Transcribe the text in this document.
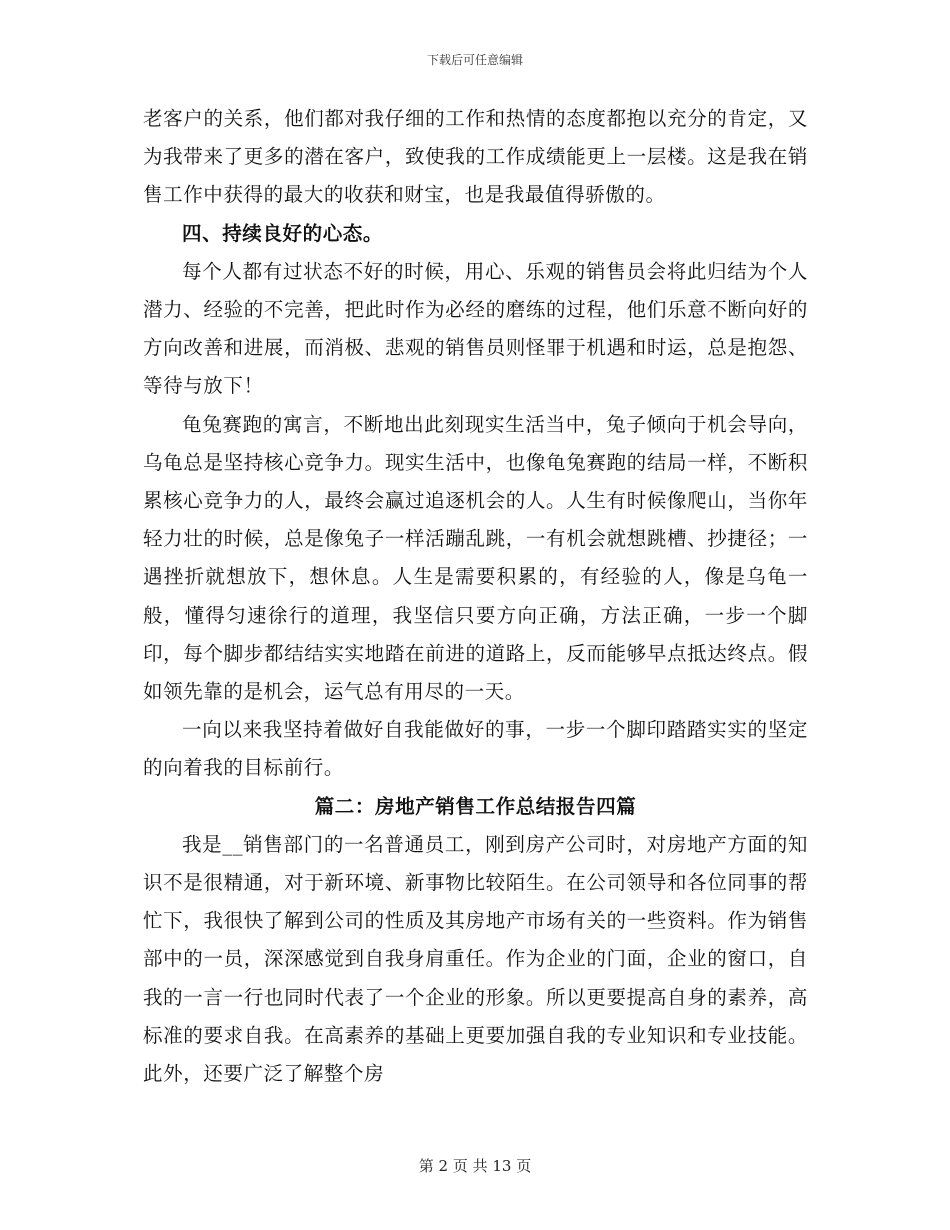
下载后可任意编辑

老客户的关系，他们都对我仔细的工作和热情的态度都抱以充分的肯定，又为我带来了更多的潜在客户，致使我的工作成绩能更上一层楼。这是我在销售工作中获得的最大的收获和财宝，也是我最值得骄傲的。

四、持续良好的心态。

每个人都有过状态不好的时候，用心、乐观的销售员会将此归结为个人潜力、经验的不完善，把此时作为必经的磨练的过程，他们乐意不断向好的方向改善和进展，而消极、悲观的销售员则怪罪于机遇和时运，总是抱怨、等待与放下！

龟兔赛跑的寓言，不断地出此刻现实生活当中，兔子倾向于机会导向，乌龟总是坚持核心竞争力。现实生活中，也像龟兔赛跑的结局一样，不断积累核心竞争力的人，最终会赢过追逐机会的人。人生有时候像爬山，当你年轻力壮的时候，总是像兔子一样活蹦乱跳，一有机会就想跳槽、抄捷径；一遇挫折就想放下，想休息。人生是需要积累的，有经验的人，像是乌龟一般，懂得匀速徐行的道理，我坚信只要方向正确，方法正确，一步一个脚印，每个脚步都结结实实地踏在前进的道路上，反而能够早点抵达终点。假如领先靠的是机会，运气总有用尽的一天。

一向以来我坚持着做好自我能做好的事，一步一个脚印踏踏实实的坚定的向着我的目标前行。

篇二：房地产销售工作总结报告四篇

我是__销售部门的一名普通员工，刚到房产公司时，对房地产方面的知识不是很精通，对于新环境、新事物比较陌生。在公司领导和各位同事的帮忙下，我很快了解到公司的性质及其房地产市场有关的一些资料。作为销售部中的一员，深深感觉到自我身肩重任。作为企业的门面，企业的窗口，自我的一言一行也同时代表了一个企业的形象。所以更要提高自身的素养，高标准的要求自我。在高素养的基础上更要加强自我的专业知识和专业技能。此外，还要广泛了解整个房

第 2 页 共 13 页
